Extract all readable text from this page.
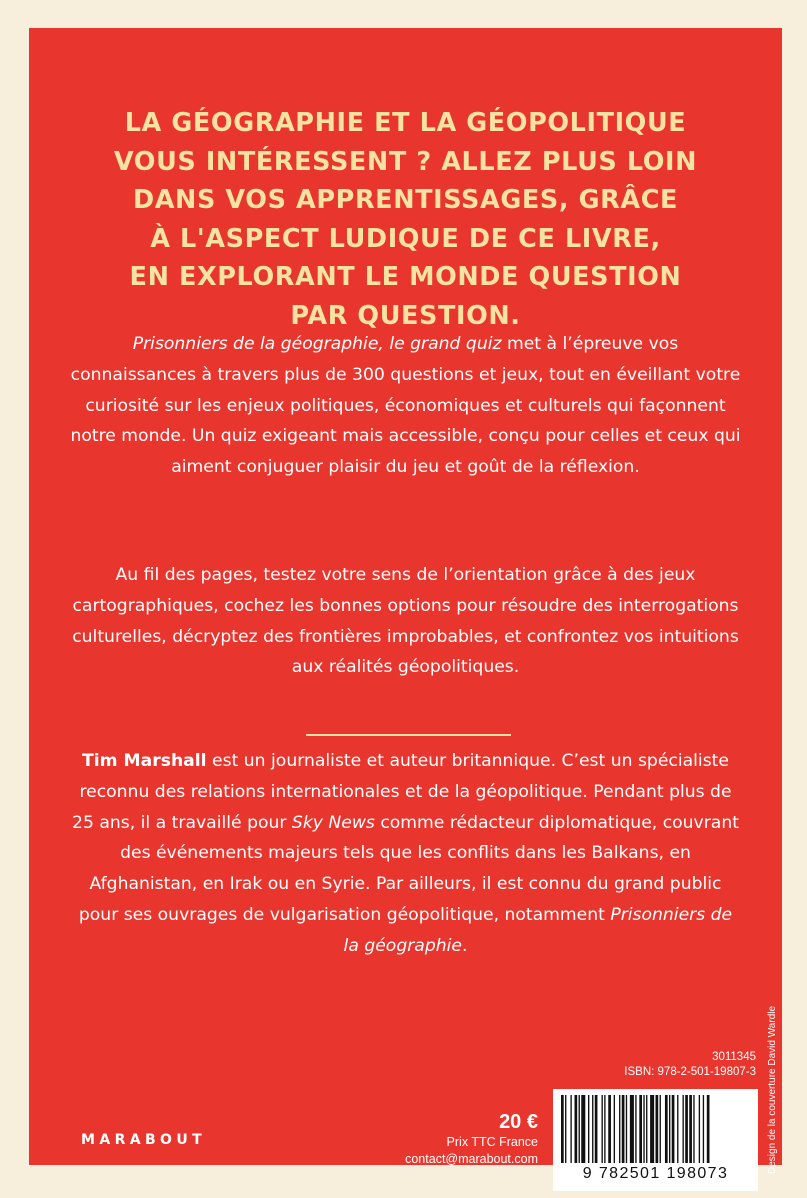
LA GÉOGRAPHIE ET LA GÉOPOLITIQUE
VOUS INTÉRESSENT ? ALLEZ PLUS LOIN
DANS VOS APPRENTISSAGES, GRÂCE
À L'ASPECT LUDIQUE DE CE LIVRE,
EN EXPLORANT LE MONDE QUESTION
PAR QUESTION.

Prisonniers de la géographie, le grand quiz met à l’épreuve vos connaissances à travers plus de 300 questions et jeux, tout en éveillant votre curiosité sur les enjeux politiques, économiques et culturels qui façonnent notre monde. Un quiz exigeant mais accessible, conçu pour celles et ceux qui aiment conjuguer plaisir du jeu et goût de la réflexion.

Au fil des pages, testez votre sens de l’orientation grâce à des jeux cartographiques, cochez les bonnes options pour résoudre des interrogations culturelles, décryptez des frontières improbables, et confrontez vos intuitions aux réalités géopolitiques.

Tim Marshall est un journaliste et auteur britannique. C’est un spécialiste reconnu des relations internationales et de la géopolitique. Pendant plus de 25 ans, il a travaillé pour Sky News comme rédacteur diplomatique, couvrant des événements majeurs tels que les conflits dans les Balkans, en Afghanistan, en Irak ou en Syrie. Par ailleurs, il est connu du grand public pour ses ouvrages de vulgarisation géopolitique, notamment Prisonniers de la géographie.

Design de la couverture David Wardle
3011345
ISBN: 978-2-501-19807-3
20 €
Prix TTC France
contact@marabout.com
MARABOUT
9 782501 198073
